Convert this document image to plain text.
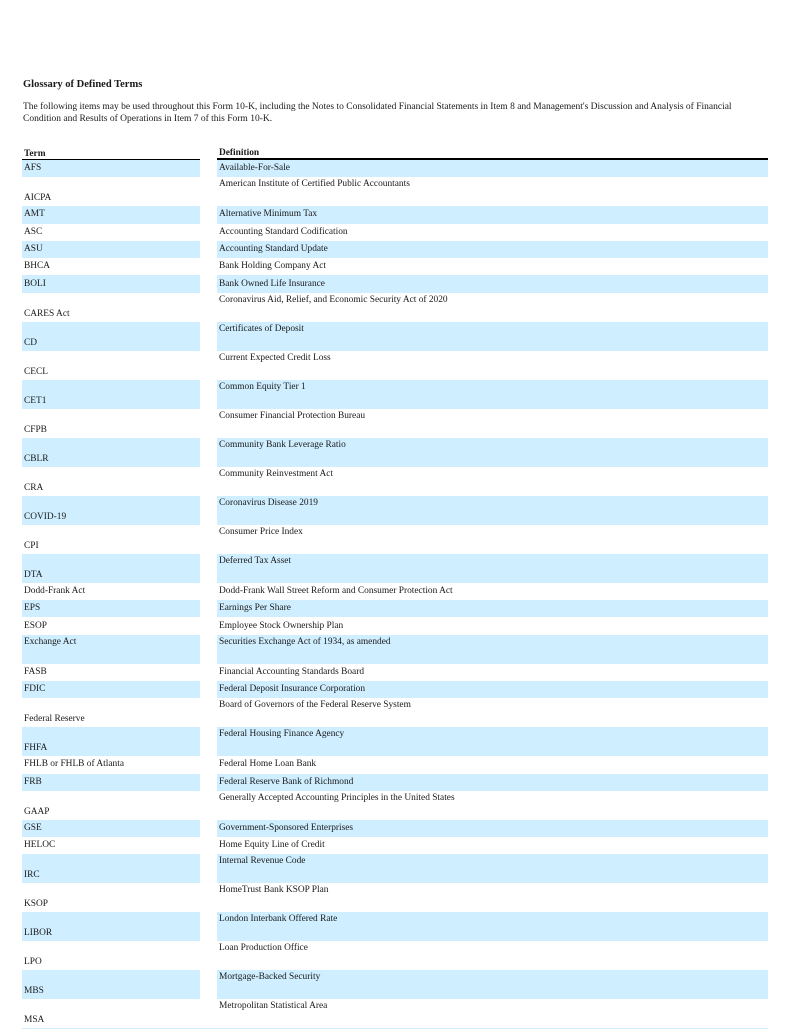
Glossary of Defined Terms
The following items may be used throughout this Form 10-K, including the Notes to Consolidated Financial Statements in Item 8 and Management's Discussion and Analysis of Financial Condition and Results of Operations in Item 7 of this Form 10-K.
Term		Definition
AFS		Available-For-Sale
AICPA		American Institute of Certified Public Accountants
AMT		Alternative Minimum Tax
ASC		Accounting Standard Codification
ASU		Accounting Standard Update
BHCA		Bank Holding Company Act
BOLI		Bank Owned Life Insurance
CARES Act		Coronavirus Aid, Relief, and Economic Security Act of 2020
CD		Certificates of Deposit
CECL		Current Expected Credit Loss
CET1		Common Equity Tier 1
CFPB		Consumer Financial Protection Bureau
CBLR		Community Bank Leverage Ratio
CRA		Community Reinvestment Act
COVID-19		Coronavirus Disease 2019
CPI		Consumer Price Index
DTA		Deferred Tax Asset
Dodd-Frank Act		Dodd-Frank Wall Street Reform and Consumer Protection Act
EPS		Earnings Per Share
ESOP		Employee Stock Ownership Plan
Exchange Act		Securities Exchange Act of 1934, as amended
FASB		Financial Accounting Standards Board
FDIC		Federal Deposit Insurance Corporation
Federal Reserve		Board of Governors of the Federal Reserve System
FHFA		Federal Housing Finance Agency
FHLB or FHLB of Atlanta		Federal Home Loan Bank
FRB		Federal Reserve Bank of Richmond
GAAP		Generally Accepted Accounting Principles in the United States
GSE		Government-Sponsored Enterprises
HELOC		Home Equity Line of Credit
IRC		Internal Revenue Code
KSOP		HomeTrust Bank KSOP Plan
LIBOR		London Interbank Offered Rate
LPO		Loan Production Office
MBS		Mortgage-Backed Security
MSA		Metropolitan Statistical Area
